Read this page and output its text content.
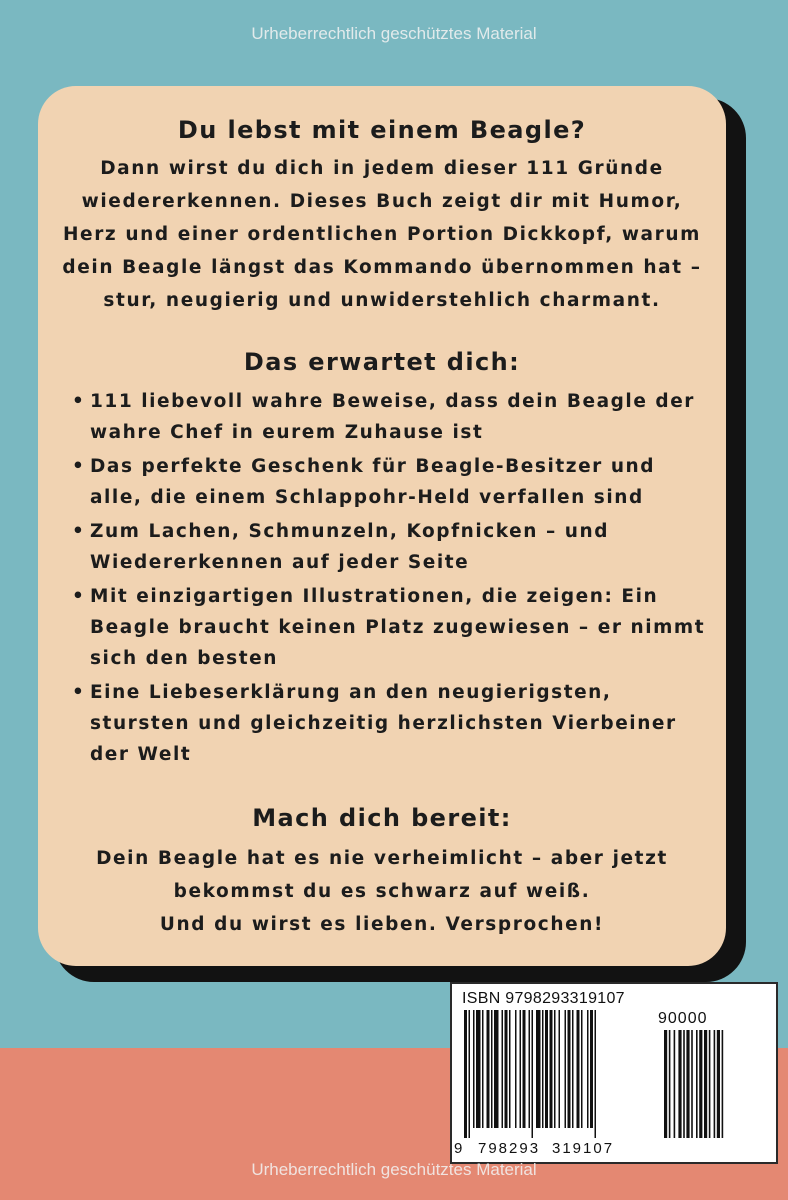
Urheberrechtlich geschütztes Material
Du lebst mit einem Beagle?

Dann wirst du dich in jedem dieser 111 Gründe wiedererkennen. Dieses Buch zeigt dir mit Humor, Herz und einer ordentlichen Portion Dickkopf, warum dein Beagle längst das Kommando übernommen hat – stur, neugierig und unwiderstehlich charmant.

Das erwartet dich:
• 111 liebevoll wahre Beweise, dass dein Beagle der wahre Chef in eurem Zuhause ist
• Das perfekte Geschenk für Beagle-Besitzer und alle, die einem Schlappohr-Held verfallen sind
• Zum Lachen, Schmunzeln, Kopfnicken – und Wiedererkennen auf jeder Seite
• Mit einzigartigen Illustrationen, die zeigen: Ein Beagle braucht keinen Platz zugewiesen – er nimmt sich den besten
• Eine Liebeserklärung an den neugierigsten, stursten und gleichzeitig herzlichsten Vierbeiner der Welt
Mach dich bereit:

Dein Beagle hat es nie verheimlicht – aber jetzt

bekommst du es schwarz auf weiß.

Und du wirst es lieben. Versprochen!

ISBN 9798293319107
90000
9 798293 319107
Urheberrechtlich geschütztes Material
